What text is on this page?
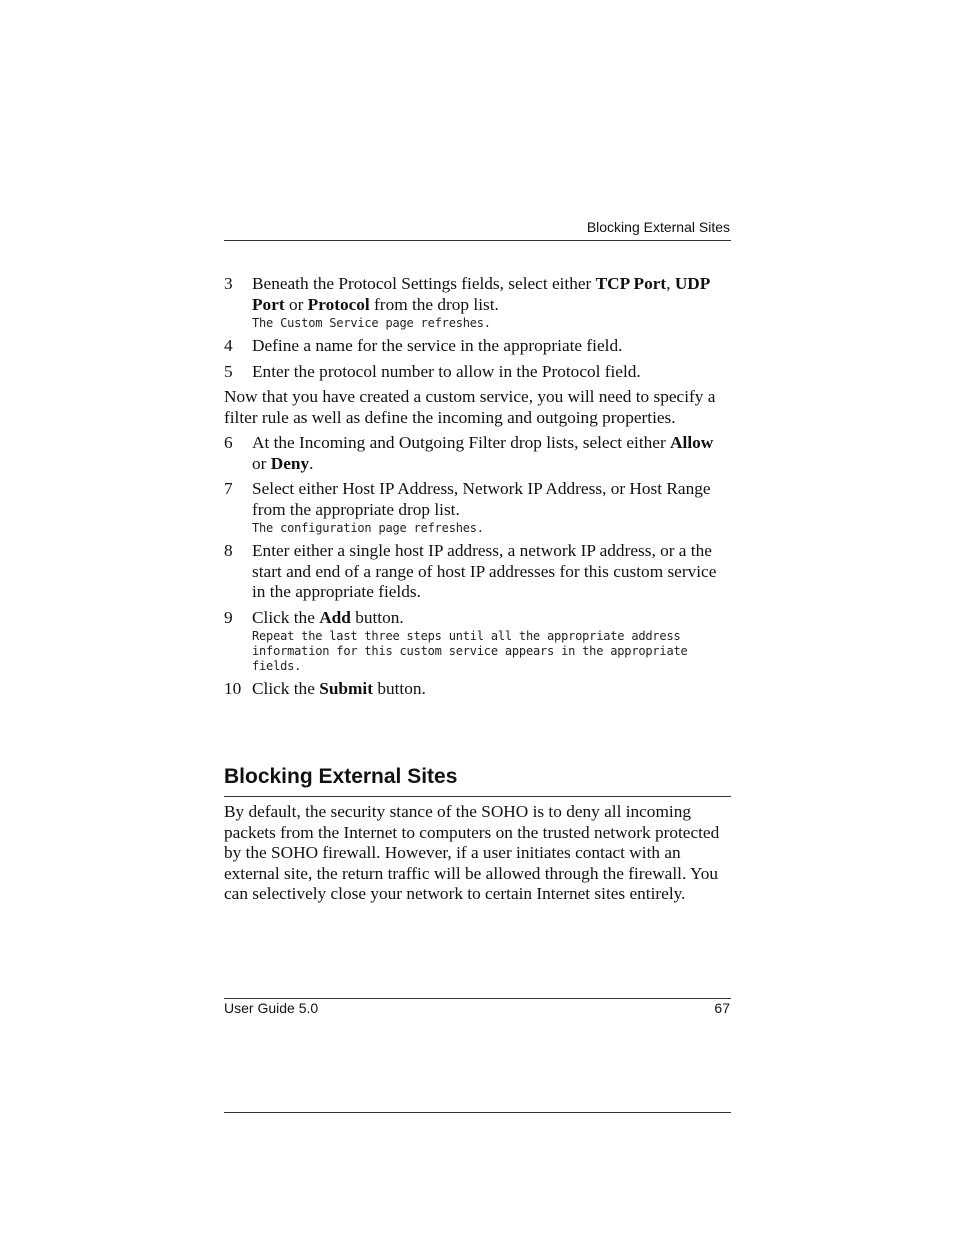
Blocking External Sites
3 Beneath the Protocol Settings fields, select either TCP Port, UDP Port or Protocol from the drop list.
The Custom Service page refreshes.
4 Define a name for the service in the appropriate field.
5 Enter the protocol number to allow in the Protocol field.

Now that you have created a custom service, you will need to specify a filter rule as well as define the incoming and outgoing properties.

6 At the Incoming and Outgoing Filter drop lists, select either Allow or Deny.
7 Select either Host IP Address, Network IP Address, or Host Range from the appropriate drop list.
The configuration page refreshes.
8 Enter either a single host IP address, a network IP address, or a the start and end of a range of host IP addresses for this custom service in the appropriate fields.
9 Click the Add button.
Repeat the last three steps until all the appropriate address information for this custom service appears in the appropriate fields.
10 Click the Submit button.
Blocking External Sites

By default, the security stance of the SOHO is to deny all incoming packets from the Internet to computers on the trusted network protected by the SOHO firewall. However, if a user initiates contact with an external site, the return traffic will be allowed through the firewall. You can selectively close your network to certain Internet sites entirely.

User Guide 5.0	67
